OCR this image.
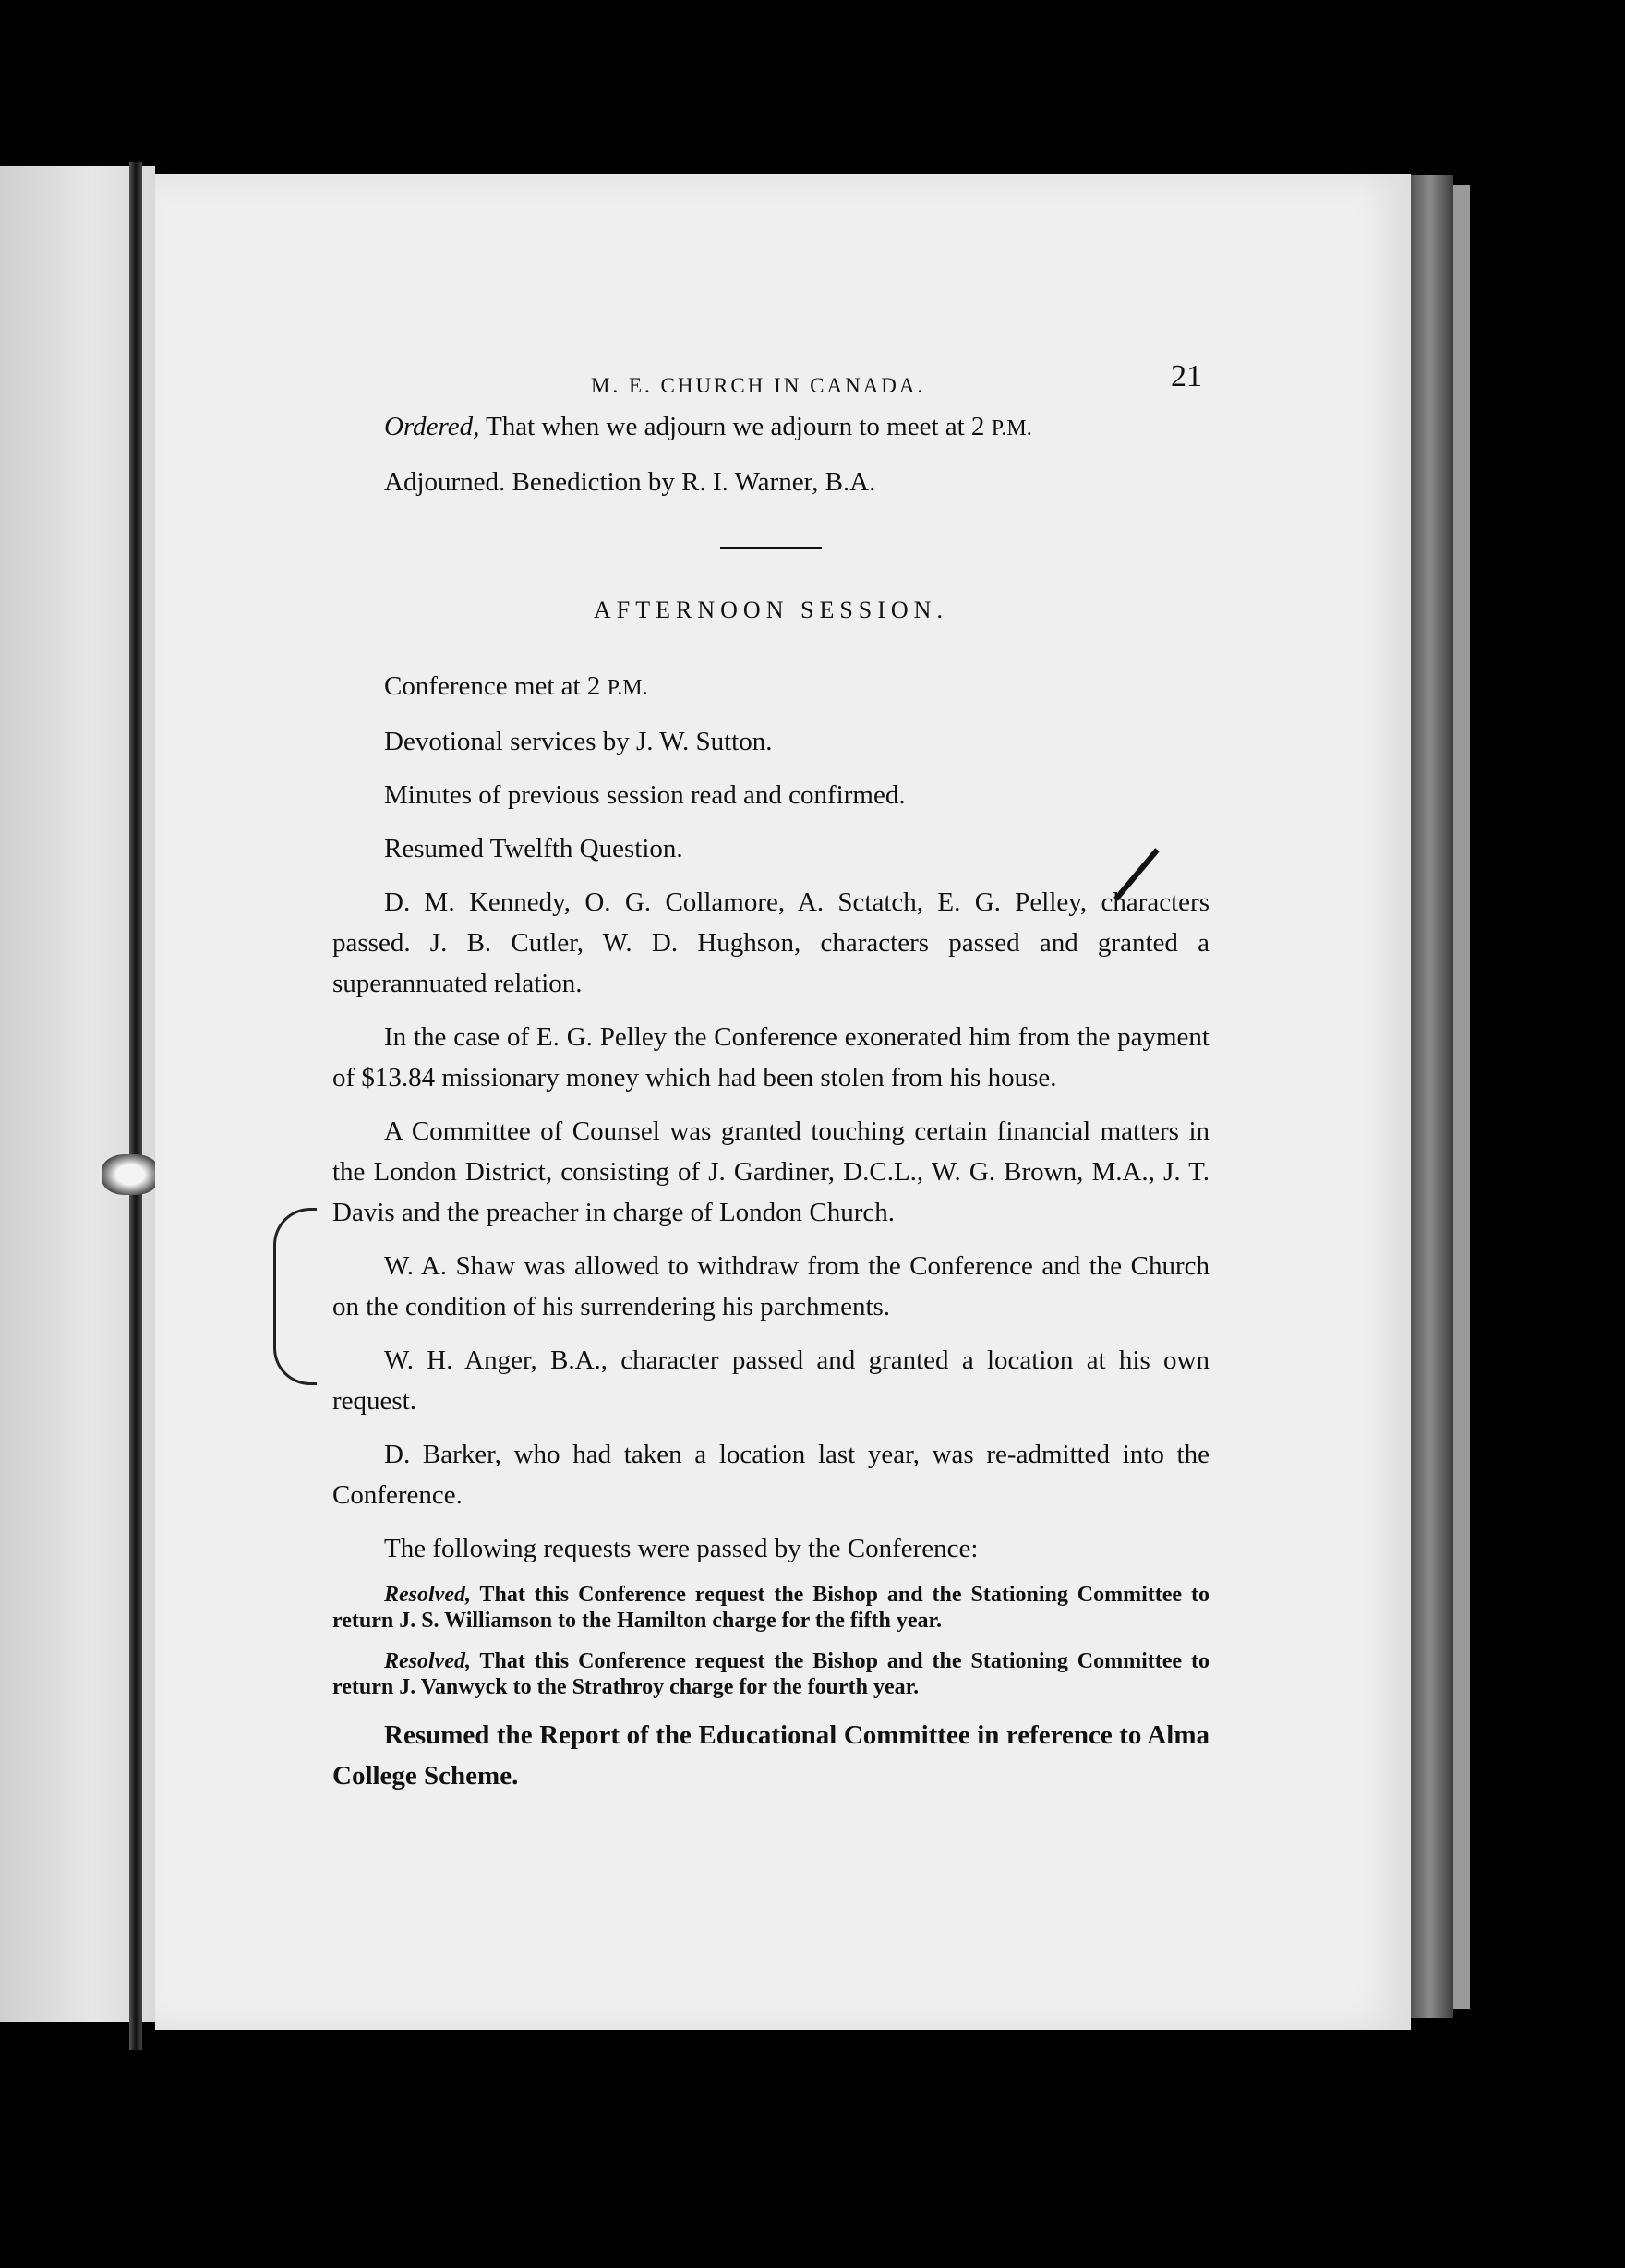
M. E. CHURCH IN CANADA.	21

Ordered, That when we adjourn we adjourn to meet at 2 P.M.

Adjourned. Benediction by R. I. Warner, B.A.

AFTERNOON SESSION.

Conference met at 2 P.M.

Devotional services by J. W. Sutton.

Minutes of previous session read and confirmed.

Resumed Twelfth Question.

D. M. Kennedy, O. G. Collamore, A. Sctatch, E. G. Pelley, characters passed. J. B. Cutler, W. D. Hughson, characters passed and granted a superannuated relation.

In the case of E. G. Pelley the Conference exonerated him from the payment of $13.84 missionary money which had been stolen from his house.

A Committee of Counsel was granted touching certain financial matters in the London District, consisting of J. Gardiner, D.C.L., W. G. Brown, M.A., J. T. Davis and the preacher in charge of London Church.

W. A. Shaw was allowed to withdraw from the Conference and the Church on the condition of his surrendering his parchments.

W. H. Anger, B.A., character passed and granted a location at his own request.

D. Barker, who had taken a location last year, was re-admitted into the Conference.

The following requests were passed by the Conference:

Resolved, That this Conference request the Bishop and the Stationing Committee to return J. S. Williamson to the Hamilton charge for the fifth year.

Resolved, That this Conference request the Bishop and the Stationing Committee to return J. Vanwyck to the Strathroy charge for the fourth year.

Resumed the Report of the Educational Committee in reference to Alma College Scheme.
